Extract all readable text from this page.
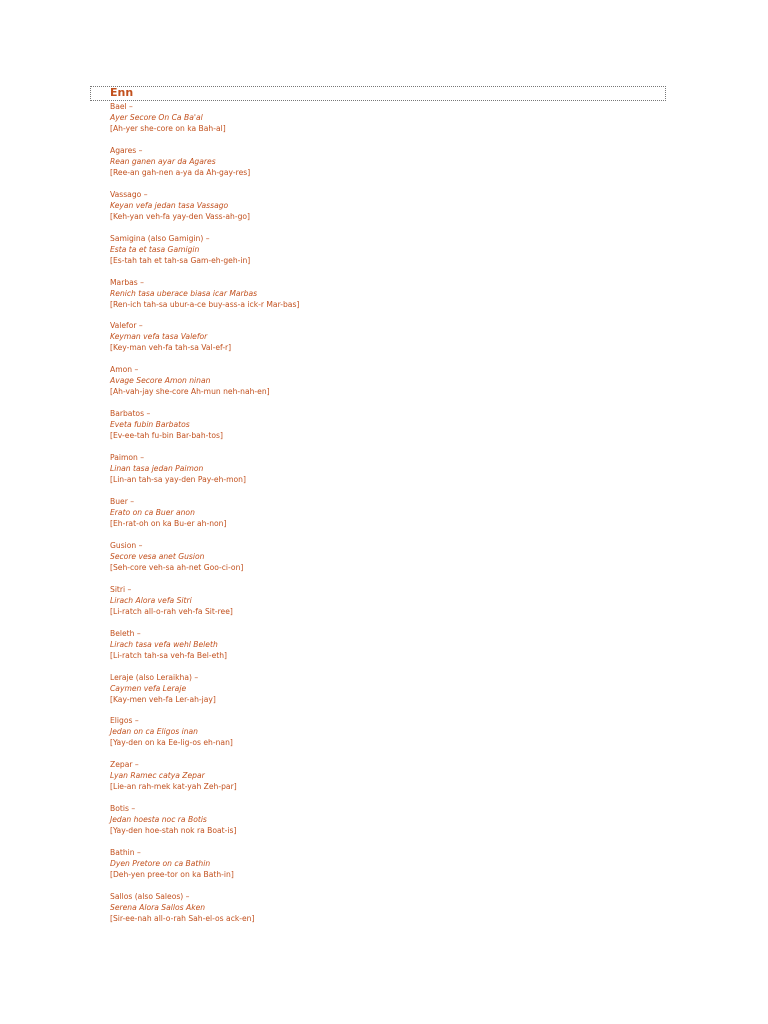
Enn
Bael –
Ayer Secore On Ca Ba'al
[Ah-yer she-core on ka Bah-al]
Agares –
Rean ganen ayar da Agares
[Ree-an gah-nen a-ya da Ah-gay-res]
Vassago –
Keyan vefa jedan tasa Vassago
[Keh-yan veh-fa yay-den Vass-ah-go]
Samigina (also Gamigin) –
Esta ta et tasa Gamigin
[Es-tah tah et tah-sa Gam-eh-geh-in]
Marbas –
Renich tasa uberace biasa icar Marbas
[Ren-ich tah-sa ubur-a-ce buy-ass-a ick-r Mar-bas]
Valefor –
Keyman vefa tasa Valefor
[Key-man veh-fa tah-sa Val-ef-r]
Amon –
Avage Secore Amon ninan
[Ah-vah-jay she-core Ah-mun neh-nah-en]
Barbatos –
Eveta fubin Barbatos
[Ev-ee-tah fu-bin Bar-bah-tos]
Paimon –
Linan tasa jedan Paimon
[Lin-an tah-sa yay-den Pay-eh-mon]
Buer –
Erato on ca Buer anon
[Eh-rat-oh on ka Bu-er ah-non]
Gusion –
Secore vesa anet Gusion
[Seh-core veh-sa ah-net Goo-ci-on]
Sitri –
Lirach Alora vefa Sitri
[Li-ratch all-o-rah veh-fa Sit-ree]
Beleth –
Lirach tasa vefa wehl Beleth
[Li-ratch tah-sa veh-fa Bel-eth]
Leraje (also Leraikha) –
Caymen vefa Leraje
[Kay-men veh-fa Ler-ah-jay]
Eligos –
Jedan on ca Eligos inan
[Yay-den on ka Ee-lig-os eh-nan]
Zepar –
Lyan Ramec catya Zepar
[Lie-an rah-mek kat-yah Zeh-par]
Botis –
Jedan hoesta noc ra Botis
[Yay-den hoe-stah nok ra Boat-is]
Bathin –
Dyen Pretore on ca Bathin
[Deh-yen pree-tor on ka Bath-in]
Sallos (also Saleos) –
Serena Alora Sallos Aken
[Sir-ee-nah all-o-rah Sah-el-os ack-en]
